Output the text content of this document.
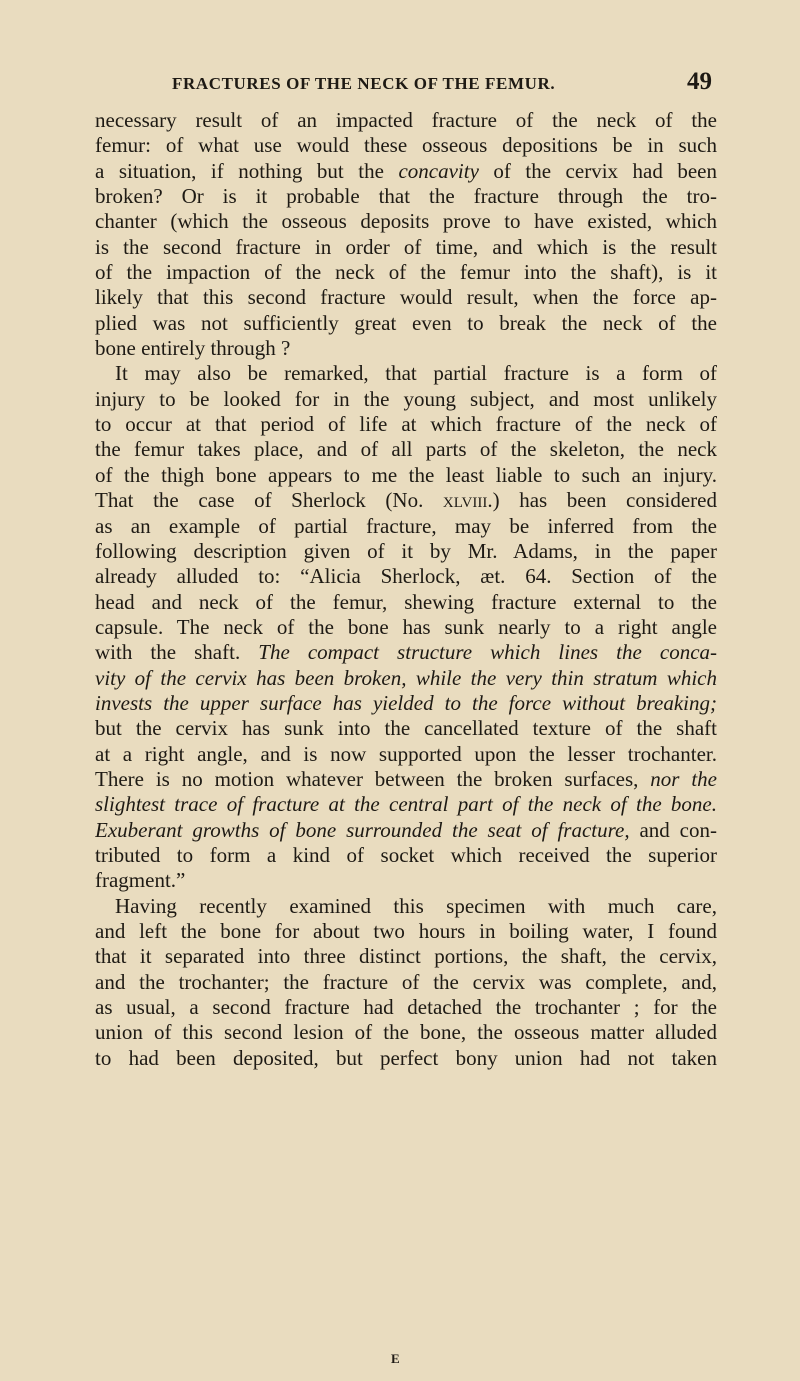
FRACTURES OF THE NECK OF THE FEMUR.	49
necessary result of an impacted fracture of the neck of the
femur: of what use would these osseous depositions be in such
a situation, if nothing but the concavity of the cervix had been
broken? Or is it probable that the fracture through the tro-
chanter (which the osseous deposits prove to have existed, which
is the second fracture in order of time, and which is the result
of the impaction of the neck of the femur into the shaft), is it
likely that this second fracture would result, when the force ap-
plied was not sufficiently great even to break the neck of the
bone entirely through ?
It may also be remarked, that partial fracture is a form of
injury to be looked for in the young subject, and most unlikely
to occur at that period of life at which fracture of the neck of
the femur takes place, and of all parts of the skeleton, the neck
of the thigh bone appears to me the least liable to such an injury.
That the case of Sherlock (No. xlviii.) has been considered
as an example of partial fracture, may be inferred from the
following description given of it by Mr. Adams, in the paper
already alluded to: “Alicia Sherlock, æt. 64. Section of the
head and neck of the femur, shewing fracture external to the
capsule. The neck of the bone has sunk nearly to a right angle
with the shaft. The compact structure which lines the conca-
vity of the cervix has been broken, while the very thin stratum which
invests the upper surface has yielded to the force without breaking;
but the cervix has sunk into the cancellated texture of the shaft
at a right angle, and is now supported upon the lesser trochanter.
There is no motion whatever between the broken surfaces, nor the
slightest trace of fracture at the central part of the neck of the bone.
Exuberant growths of bone surrounded the seat of fracture, and con-
tributed to form a kind of socket which received the superior
fragment.”
Having recently examined this specimen with much care,
and left the bone for about two hours in boiling water, I found
that it separated into three distinct portions, the shaft, the cervix,
and the trochanter; the fracture of the cervix was complete, and,
as usual, a second fracture had detached the trochanter ; for the
union of this second lesion of the bone, the osseous matter alluded
to had been deposited, but perfect bony union had not taken
E
